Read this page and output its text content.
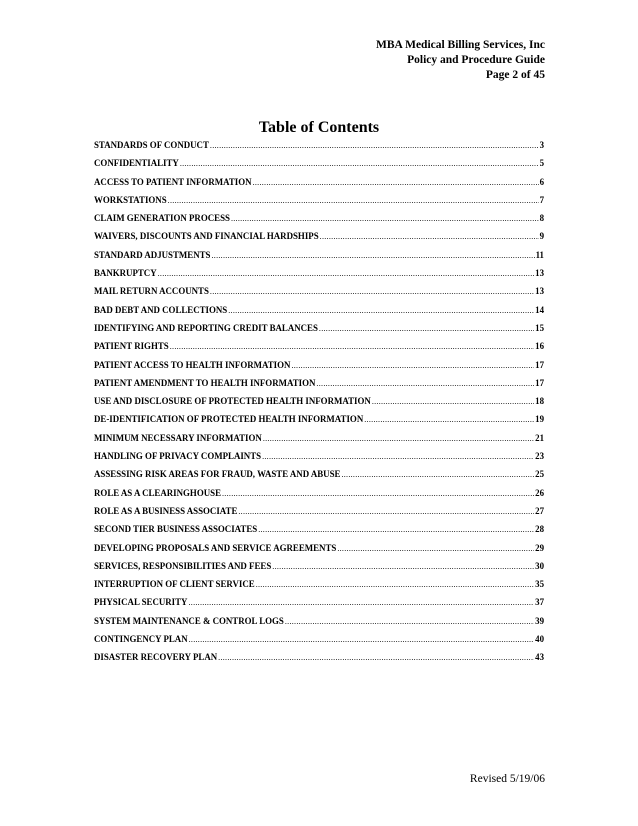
MBA Medical Billing Services, Inc
Policy and Procedure Guide
Page 2 of 45
Table of Contents
STANDARDS OF CONDUCT .....	3
CONFIDENTIALITY .....	5
ACCESS TO PATIENT INFORMATION .....	6
WORKSTATIONS .....	7
CLAIM GENERATION PROCESS .....	8
WAIVERS, DISCOUNTS AND FINANCIAL HARDSHIPS .....	9
STANDARD ADJUSTMENTS .....	11
BANKRUPTCY .....	13
MAIL RETURN ACCOUNTS .....	13
BAD DEBT AND COLLECTIONS .....	14
IDENTIFYING AND REPORTING CREDIT BALANCES .....	15
PATIENT RIGHTS .....	16
PATIENT ACCESS TO HEALTH INFORMATION .....	17
PATIENT AMENDMENT TO HEALTH INFORMATION .....	17
USE AND DISCLOSURE OF PROTECTED HEALTH INFORMATION .....	18
DE-IDENTIFICATION OF PROTECTED HEALTH INFORMATION .....	19
MINIMUM NECESSARY INFORMATION .....	21
HANDLING OF PRIVACY COMPLAINTS .....	23
ASSESSING RISK AREAS FOR FRAUD, WASTE AND ABUSE .....	25
ROLE AS A CLEARINGHOUSE .....	26
ROLE AS A BUSINESS ASSOCIATE .....	27
SECOND TIER BUSINESS ASSOCIATES .....	28
DEVELOPING PROPOSALS AND SERVICE AGREEMENTS .....	29
SERVICES, RESPONSIBILITIES AND FEES .....	30
INTERRUPTION OF CLIENT SERVICE .....	35
PHYSICAL SECURITY .....	37
SYSTEM MAINTENANCE & CONTROL LOGS .....	39
CONTINGENCY PLAN .....	40
DISASTER RECOVERY PLAN .....	43
Revised 5/19/06
